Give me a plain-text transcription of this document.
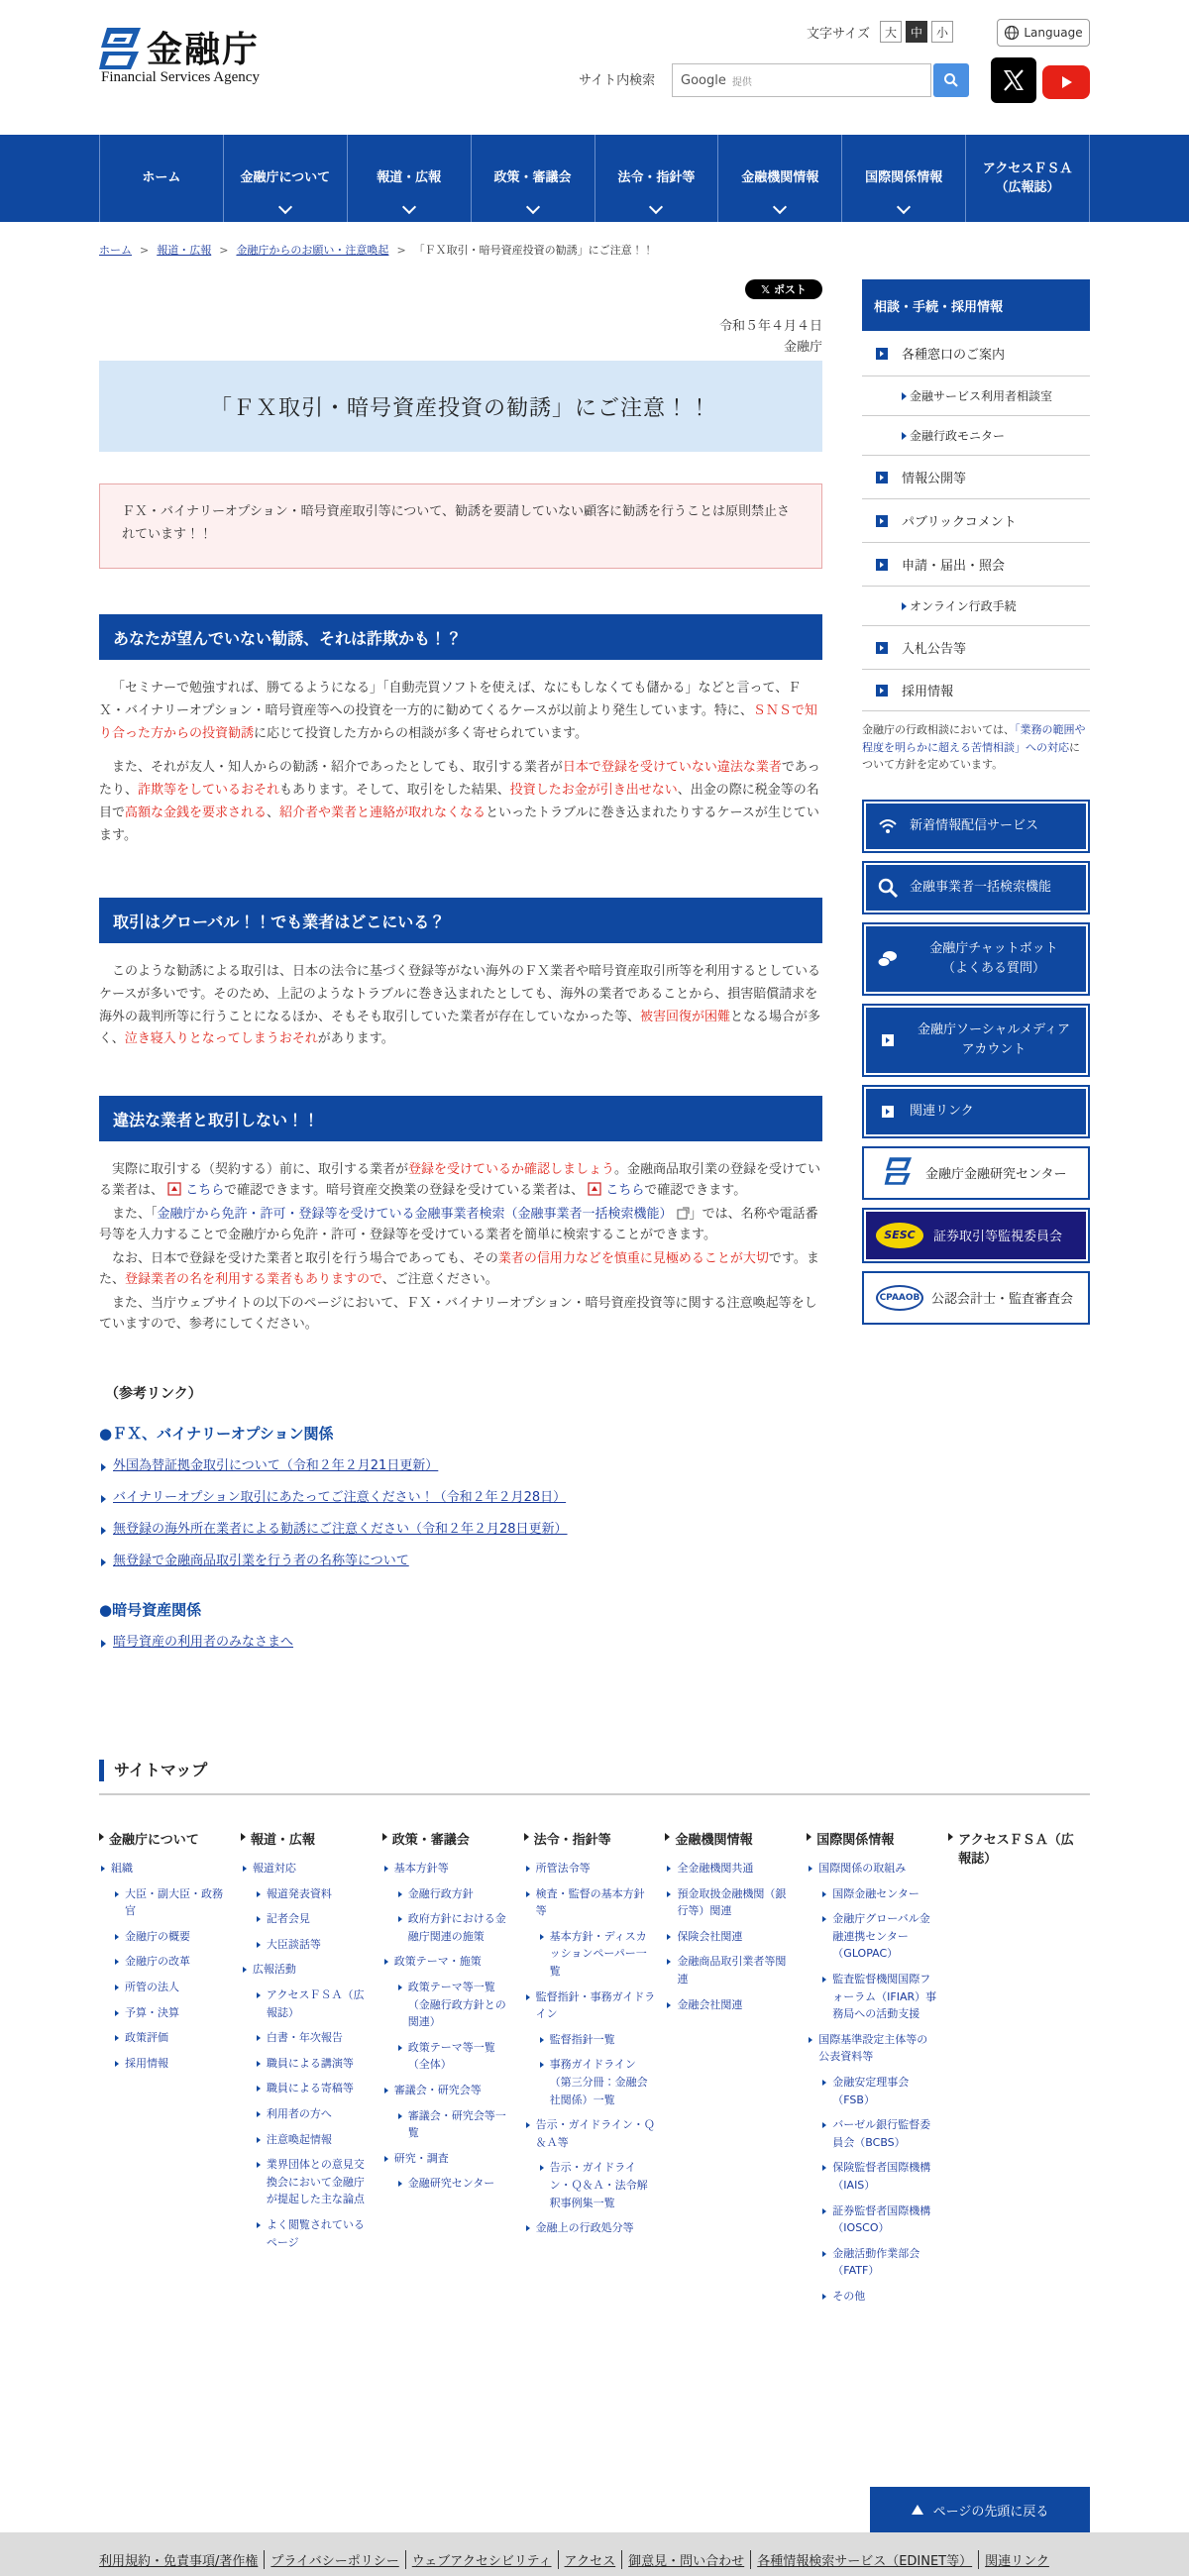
金融庁
Financial Services Agency
文字サイズ	大	中	小	Language
サイト内検索 Google 提供
ホーム	金融庁について	報道・広報	政策・審議会	法令・指針等	金融機関情報	国際関係情報
アクセスＦＳＡ
（広報誌）
ホーム > 報道・広報 > 金融庁からのお願い・注意喚起 > 「ＦＸ取引・暗号資産投資の勧誘」にご注意！！
𝕏 ポスト
令和５年４月４日
金融庁
「ＦＸ取引・暗号資産投資の勧誘」にご注意！！
ＦＸ・バイナリーオプション・暗号資産取引等について、勧誘を要請していない顧客に勧誘を行うことは原則禁止されています！！
あなたが望んでいない勧誘、それは詐欺かも！？

「セミナーで勉強すれば、勝てるようになる」「自動売買ソフトを使えば、なにもしなくても儲かる」などと言って、ＦＸ・バイナリーオプション・暗号資産等への投資を一方的に勧めてくるケースが以前より発生しています。特に、ＳＮＳで知り合った方からの投資勧誘に応じて投資した方からの相談が多く寄せられています。

また、それが友人・知人からの勧誘・紹介であったとしても、取引する業者が日本で登録を受けていない違法な業者であったり、詐欺等をしているおそれもあります。そして、取引をした結果、投資したお金が引き出せない、出金の際に税金等の名目で高額な金銭を要求される、紹介者や業者と連絡が取れなくなるといったトラブルに巻き込まれたりするケースが生じています。

取引はグローバル！！でも業者はどこにいる？

このような勧誘による取引は、日本の法令に基づく登録等がない海外のＦＸ業者や暗号資産取引所等を利用するとしているケースが多いです。そのため、上記のようなトラブルに巻き込まれたとしても、海外の業者であることから、損害賠償請求を海外の裁判所等に行うことになるほか、そもそも取引していた業者が存在していなかった等、被害回復が困難となる場合が多く、泣き寝入りとなってしまうおそれがあります。

違法な業者と取引しない！！

実際に取引する（契約する）前に、取引する業者が登録を受けているか確認しましょう。金融商品取引業の登録を受けている業者は、 こちらで確認できます。暗号資産交換業の登録を受けている業者は、 こちらで確認できます。

また、「金融庁から免許・許可・登録等を受けている金融事業者検索（金融事業者一括検索機能） 」では、名称や電話番号等を入力することで金融庁から免許・許可・登録等を受けている業者を簡単に検索することができます。

なお、日本で登録を受けた業者と取引を行う場合であっても、その業者の信用力などを慎重に見極めることが大切です。また、登録業者の名を利用する業者もありますので、ご注意ください。

また、当庁ウェブサイトの以下のページにおいて、ＦＸ・バイナリーオプション・暗号資産投資等に関する注意喚起等をしていますので、参考にしてください。

（参考リンク）
●ＦＸ、バイナリーオプション関係
外国為替証拠金取引について（令和２年２月21日更新）
バイナリーオプション取引にあたってご注意ください！（令和２年２月28日）
無登録の海外所在業者による勧誘にご注意ください（令和２年２月28日更新）
無登録で金融商品取引業を行う者の名称等について
●暗号資産関係
暗号資産の利用者のみなさまへ
相談・手続・採用情報
各種窓口のご案内
金融サービス利用者相談室
金融行政モニター
情報公開等
パブリックコメント
申請・届出・照会
オンライン行政手続
入札公告等
採用情報
金融庁の行政相談においては、「業務の範囲や程度を明らかに超える苦情相談」への対応について方針を定めています。
新着情報配信サービス
金融事業者一括検索機能
金融庁チャットボット
（よくある質問）
金融庁ソーシャルメディア
アカウント
関連リンク
金融庁金融研究センター
SESC	証券取引等監視委員会
CPAAOB 公認会計士・監査審査会
サイトマップ
金融庁について
組織
大臣・副大臣・政務官
金融庁の概要
金融庁の改革
所管の法人
予算・決算
政策評価
採用情報
報道・広報
報道対応
報道発表資料
記者会見
大臣談話等
広報活動
アクセスＦＳＡ（広報誌）
白書・年次報告
職員による講演等
職員による寄稿等
利用者の方へ
注意喚起情報
業界団体との意見交換会において金融庁が提起した主な論点
よく閲覧されているページ
政策・審議会
基本方針等
金融行政方針
政府方針における金融庁関連の施策
政策テーマ・施策
政策テーマ等一覧（金融行政方針との関連）
政策テーマ等一覧（全体）
審議会・研究会等
審議会・研究会等一覧
研究・調査
金融研究センター
法令・指針等
所管法令等
検査・監督の基本方針等
基本方針・ディスカッションペーパー一覧
監督指針・事務ガイドライン
監督指針一覧
事務ガイドライン（第三分冊：金融会社関係）一覧
告示・ガイドライン・Ｑ＆Ａ等
告示・ガイドライン・Ｑ＆Ａ・法令解釈事例集一覧
金融上の行政処分等
金融機関情報
全金融機関共通
預金取扱金融機関（銀行等）関連
保険会社関連
金融商品取引業者等関連
金融会社関連
国際関係情報
国際関係の取組み
国際金融センター
金融庁グローバル金融連携センター（GLOPAC）
監査監督機関国際フォーラム（IFIAR）事務局への活動支援
国際基準設定主体等の公表資料等
金融安定理事会（FSB）
バーゼル銀行監督委員会（BCBS）
保険監督者国際機構（IAIS）
証券監督者国際機構（IOSCO）
金融活動作業部会（FATF）
その他
アクセスＦＳＡ（広報誌）
ページの先頭に戻る
利用規約・免責事項/著作権	プライバシーポリシー	ウェブアクセシビリティ	アクセス	御意見・問い合わせ	各種情報検索サービス（EDINET等）	関連リンク
